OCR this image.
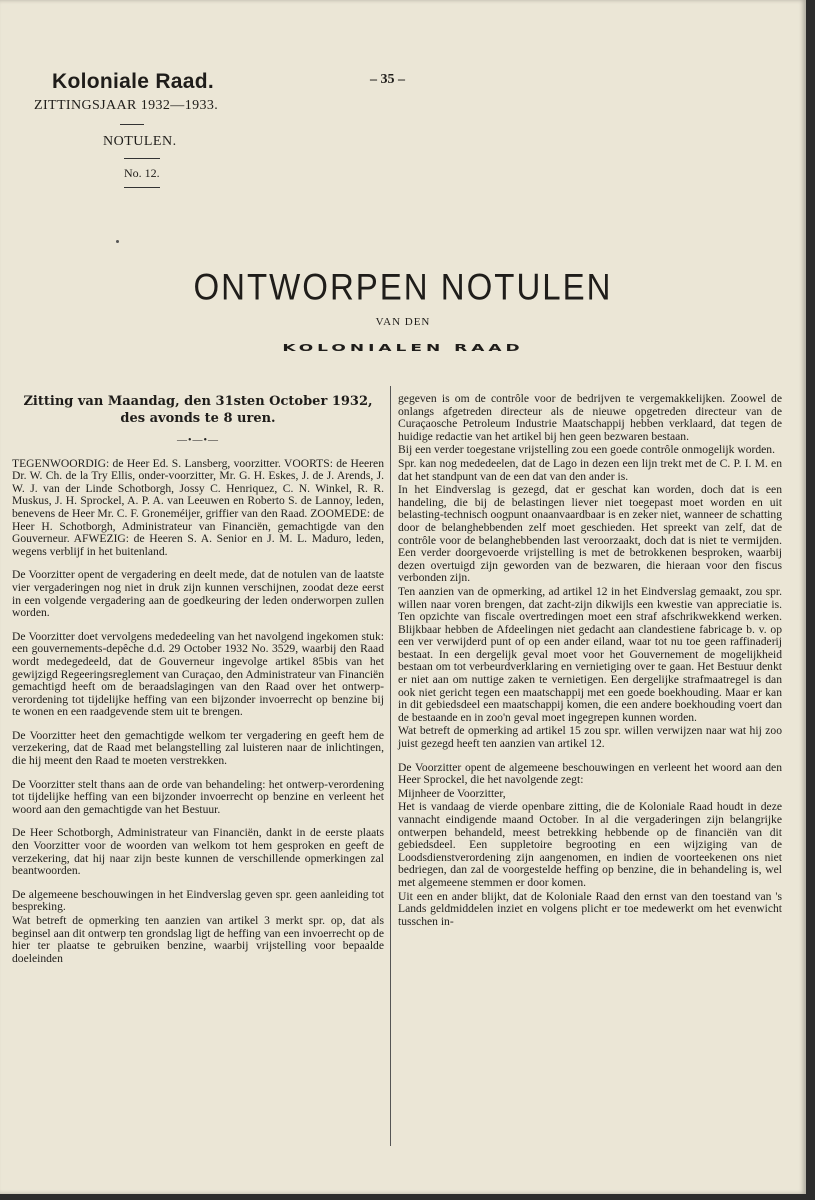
Koloniale Raad.
ZITTINGSJAAR 1932—1933.
– 35 –
NOTULEN.
No. 12.
ONTWORPEN NOTULEN
VAN DEN
KOLONIALEN RAAD
Zitting van Maandag, den 31sten October 1932, des avonds te 8 uren.
—•—•—

TEGENWOORDIG: de Heer Ed. S. Lansberg, voorzitter. VOORTS: de Heeren Dr. W. Ch. de la Try Ellis, onder-voorzitter, Mr. G. H. Eskes, J. de J. Arends, J. W. J. van der Linde Schotborgh, Jossy C. Henriquez, C. N. Winkel, R. R. Muskus, J. H. Sprockel, A. P. A. van Leeuwen en Roberto S. de Lannoy, leden, benevens de Heer Mr. C. F. Groneméijer, griffier van den Raad. ZOOMEDE: de Heer H. Schotborgh, Administrateur van Financiën, gemachtigde van den Gouverneur. AFWEZIG: de Heeren S. A. Senior en J. M. L. Maduro, leden, wegens verblijf in het buitenland.

De Voorzitter opent de vergadering en deelt mede, dat de notulen van de laatste vier vergaderingen nog niet in druk zijn kunnen verschijnen, zoodat deze eerst in een volgende vergadering aan de goedkeuring der leden onderworpen zullen worden.

De Voorzitter doet vervolgens mededeeling van het navolgend ingekomen stuk: een gouvernements-depêche d.d. 29 October 1932 No. 3529, waarbij den Raad wordt medegedeeld, dat de Gouverneur ingevolge artikel 85bis van het gewijzigd Regeeringsreglement van Curaçao, den Administrateur van Financiën gemachtigd heeft om de beraadslagingen van den Raad over het ontwerp-verordening tot tijdelijke heffing van een bijzonder invoerrecht op benzine bij te wonen en een raadgevende stem uit te brengen.

De Voorzitter heet den gemachtigde welkom ter vergadering en geeft hem de verzekering, dat de Raad met belangstelling zal luisteren naar de inlichtingen, die hij meent den Raad te moeten verstrekken.

De Voorzitter stelt thans aan de orde van behandeling: het ontwerp-verordening tot tijdelijke heffing van een bijzonder invoerrecht op benzine en verleent het woord aan den gemachtigde van het Bestuur.

De Heer Schotborgh, Administrateur van Financiën, dankt in de eerste plaats den Voorzitter voor de woorden van welkom tot hem gesproken en geeft de verzekering, dat hij naar zijn beste kunnen de verschillende opmerkingen zal beantwoorden.

De algemeene beschouwingen in het Eindverslag geven spr. geen aanleiding tot bespreking.

Wat betreft de opmerking ten aanzien van artikel 3 merkt spr. op, dat als beginsel aan dit ontwerp ten grondslag ligt de heffing van een invoerrecht op de hier ter plaatse te gebruiken benzine, waarbij vrijstelling voor bepaalde doeleinden

gegeven is om de contrôle voor de bedrijven te vergemakkelijken. Zoowel de onlangs afgetreden directeur als de nieuwe opgetreden directeur van de Curaçaosche Petroleum Industrie Maatschappij hebben verklaard, dat tegen de huidige redactie van het artikel bij hen geen bezwaren bestaan.

Bij een verder toegestane vrijstelling zou een goede contrôle onmogelijk worden.

Spr. kan nog mededeelen, dat de Lago in dezen een lijn trekt met de C. P. I. M. en dat het standpunt van de een dat van den ander is.

In het Eindverslag is gezegd, dat er geschat kan worden, doch dat is een handeling, die bij de belastingen liever niet toegepast moet worden en uit belasting-technisch oogpunt onaanvaardbaar is en zeker niet, wanneer de schatting door de belanghebbenden zelf moet geschieden. Het spreekt van zelf, dat de contrôle voor de belanghebbenden last veroorzaakt, doch dat is niet te vermijden. Een verder doorgevoerde vrijstelling is met de betrokkenen besproken, waarbij dezen overtuigd zijn geworden van de bezwaren, die hieraan voor den fiscus verbonden zijn.

Ten aanzien van de opmerking, ad artikel 12 in het Eindverslag gemaakt, zou spr. willen naar voren brengen, dat zacht-zijn dikwijls een kwestie van appreciatie is. Ten opzichte van fiscale overtredingen moet een straf afschrikwekkend werken. Blijkbaar hebben de Afdeelingen niet gedacht aan clandestiene fabricage b. v. op een ver verwijderd punt of op een ander eiland, waar tot nu toe geen raffinaderij bestaat. In een dergelijk geval moet voor het Gouvernement de mogelijkheid bestaan om tot verbeurdverklaring en vernietiging over te gaan. Het Bestuur denkt er niet aan om nuttige zaken te vernietigen. Een dergelijke strafmaatregel is dan ook niet gericht tegen een maatschappij met een goede boekhouding. Maar er kan in dit gebiedsdeel een maatschappij komen, die een andere boekhouding voert dan de bestaande en in zoo'n geval moet ingegrepen kunnen worden.

Wat betreft de opmerking ad artikel 15 zou spr. willen verwijzen naar wat hij zoo juist gezegd heeft ten aanzien van artikel 12.

De Voorzitter opent de algemeene beschouwingen en verleent het woord aan den Heer Sprockel, die het navolgende zegt:

Mijnheer de Voorzitter,

Het is vandaag de vierde openbare zitting, die de Koloniale Raad houdt in deze vannacht eindigende maand October. In al die vergaderingen zijn belangrijke ontwerpen behandeld, meest betrekking hebbende op de financiën van dit gebiedsdeel. Een suppletoire begrooting en een wijziging van de Loodsdienstverordening zijn aangenomen, en indien de voorteekenen ons niet bedriegen, dan zal de voorgestelde heffing op benzine, die in behandeling is, wel met algemeene stemmen er door komen.

Uit een en ander blijkt, dat de Koloniale Raad den ernst van den toestand van 's Lands geldmiddelen inziet en volgens plicht er toe medewerkt om het evenwicht tusschen in-
